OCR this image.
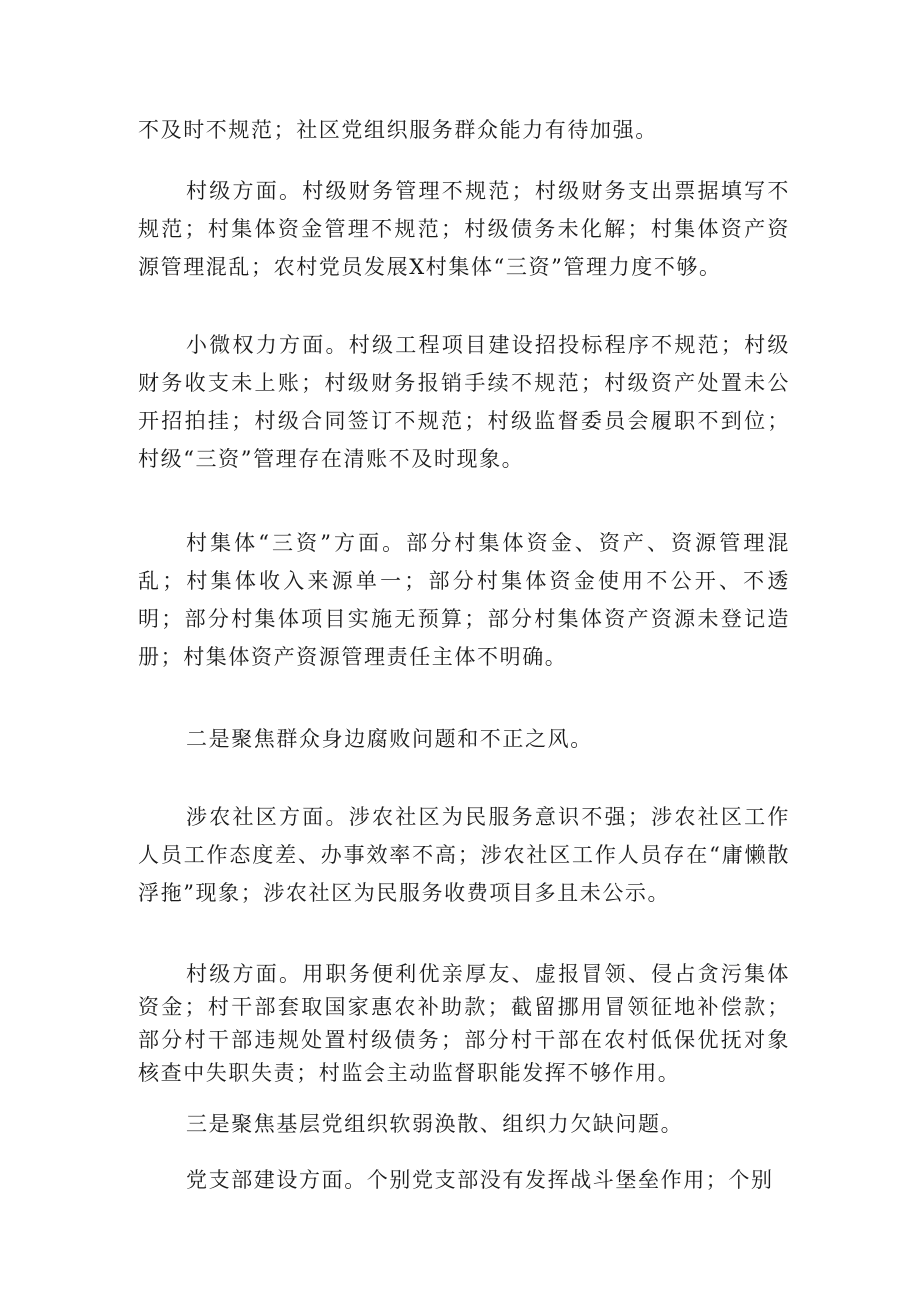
不及时不规范；社区党组织服务群众能力有待加强。

村级方面。村级财务管理不规范；村级财务支出票据填写不规范；村集体资金管理不规范；村级债务未化解；村集体资产资源管理混乱；农村党员发展X村集体“三资”管理力度不够。

小微权力方面。村级工程项目建设招投标程序不规范；村级财务收支未上账；村级财务报销手续不规范；村级资产处置未公开招拍挂；村级合同签订不规范；村级监督委员会履职不到位；村级“三资”管理存在清账不及时现象。

村集体“三资”方面。部分村集体资金、资产、资源管理混乱；村集体收入来源单一；部分村集体资金使用不公开、不透明；部分村集体项目实施无预算；部分村集体资产资源未登记造册；村集体资产资源管理责任主体不明确。

二是聚焦群众身边腐败问题和不正之风。

涉农社区方面。涉农社区为民服务意识不强；涉农社区工作人员工作态度差、办事效率不高；涉农社区工作人员存在“庸懒散浮拖”现象；涉农社区为民服务收费项目多且未公示。

村级方面。用职务便利优亲厚友、虚报冒领、侵占贪污集体资金；村干部套取国家惠农补助款；截留挪用冒领征地补偿款；部分村干部违规处置村级债务；部分村干部在农村低保优抚对象核查中失职失责；村监会主动监督职能发挥不够作用。

三是聚焦基层党组织软弱涣散、组织力欠缺问题。

党支部建设方面。个别党支部没有发挥战斗堡垒作用；个别
